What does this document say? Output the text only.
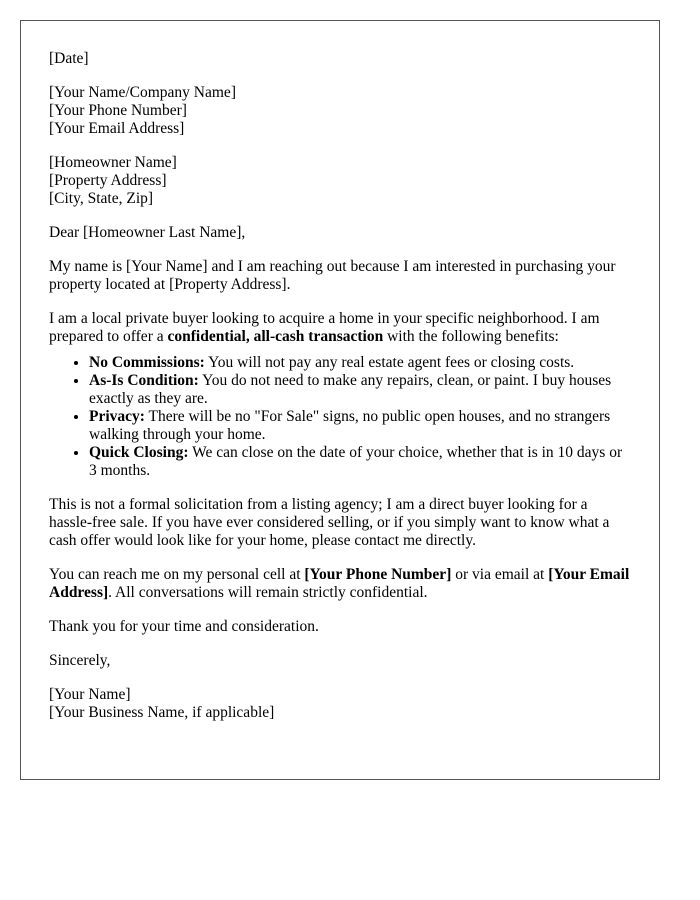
[Date]

[Your Name/Company Name]
[Your Phone Number]
[Your Email Address]

[Homeowner Name]
[Property Address]
[City, State, Zip]

Dear [Homeowner Last Name],

My name is [Your Name] and I am reaching out because I am interested in purchasing your property located at [Property Address].

I am a local private buyer looking to acquire a home in your specific neighborhood. I am prepared to offer a confidential, all-cash transaction with the following benefits:

• No Commissions: You will not pay any real estate agent fees or closing costs.
• As-Is Condition: You do not need to make any repairs, clean, or paint. I buy houses exactly as they are.
• Privacy: There will be no "For Sale" signs, no public open houses, and no strangers walking through your home.
• Quick Closing: We can close on the date of your choice, whether that is in 10 days or 3 months.

This is not a formal solicitation from a listing agency; I am a direct buyer looking for a hassle-free sale. If you have ever considered selling, or if you simply want to know what a cash offer would look like for your home, please contact me directly.

You can reach me on my personal cell at [Your Phone Number] or via email at [Your Email Address]. All conversations will remain strictly confidential.

Thank you for your time and consideration.

Sincerely,

[Your Name]
[Your Business Name, if applicable]
